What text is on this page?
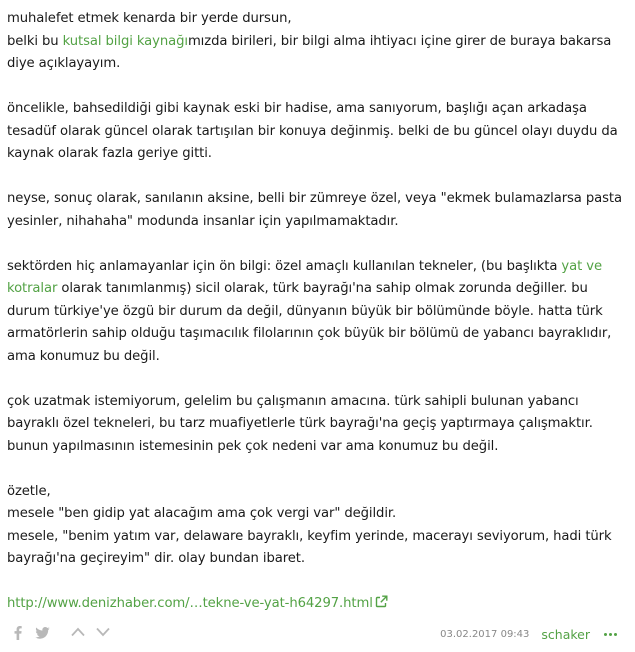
muhalefet etmek kenarda bir yerde dursun,
belki bu kutsal bilgi kaynağımızda birileri, bir bilgi alma ihtiyacı içine girer de buraya bakarsa
diye açıklayayım.

öncelikle, bahsedildiği gibi kaynak eski bir hadise, ama sanıyorum, başlığı açan arkadaşa tesadüf olarak güncel olarak tartışılan bir konuya değinmiş. belki de bu güncel olayı duydu da kaynak olarak fazla geriye gitti.

neyse, sonuç olarak, sanılanın aksine, belli bir zümreye özel, veya "ekmek bulamazlarsa pasta yesinler, nihahaha" modunda insanlar için yapılmamaktadır.

sektörden hiç anlamayanlar için ön bilgi: özel amaçlı kullanılan tekneler, (bu başlıkta yat ve kotralar olarak tanımlanmış) sicil olarak, türk bayrağı'na sahip olmak zorunda değiller. bu durum türkiye'ye özgü bir durum da değil, dünyanın büyük bir bölümünde böyle. hatta türk armatörlerin sahip olduğu taşımacılık filolarının çok büyük bir bölümü de yabancı bayraklıdır, ama konumuz bu değil.

çok uzatmak istemiyorum, gelelim bu çalışmanın amacına. türk sahipli bulunan yabancı bayraklı özel tekneleri, bu tarz muafiyetlerle türk bayrağı'na geçiş yaptırmaya çalışmaktır. bunun yapılmasının istemesinin pek çok nedeni var ama konumuz bu değil.

özetle,
mesele "ben gidip yat alacağım ama çok vergi var" değildir.
mesele, "benim yatım var, delaware bayraklı, keyfim yerinde, macerayı seviyorum, hadi türk bayrağı'na geçireyim" dir. olay bundan ibaret.

http://www.denizhaber.com/…tekne-ve-yat-h64297.html

03.02.2017 09:43 schaker
